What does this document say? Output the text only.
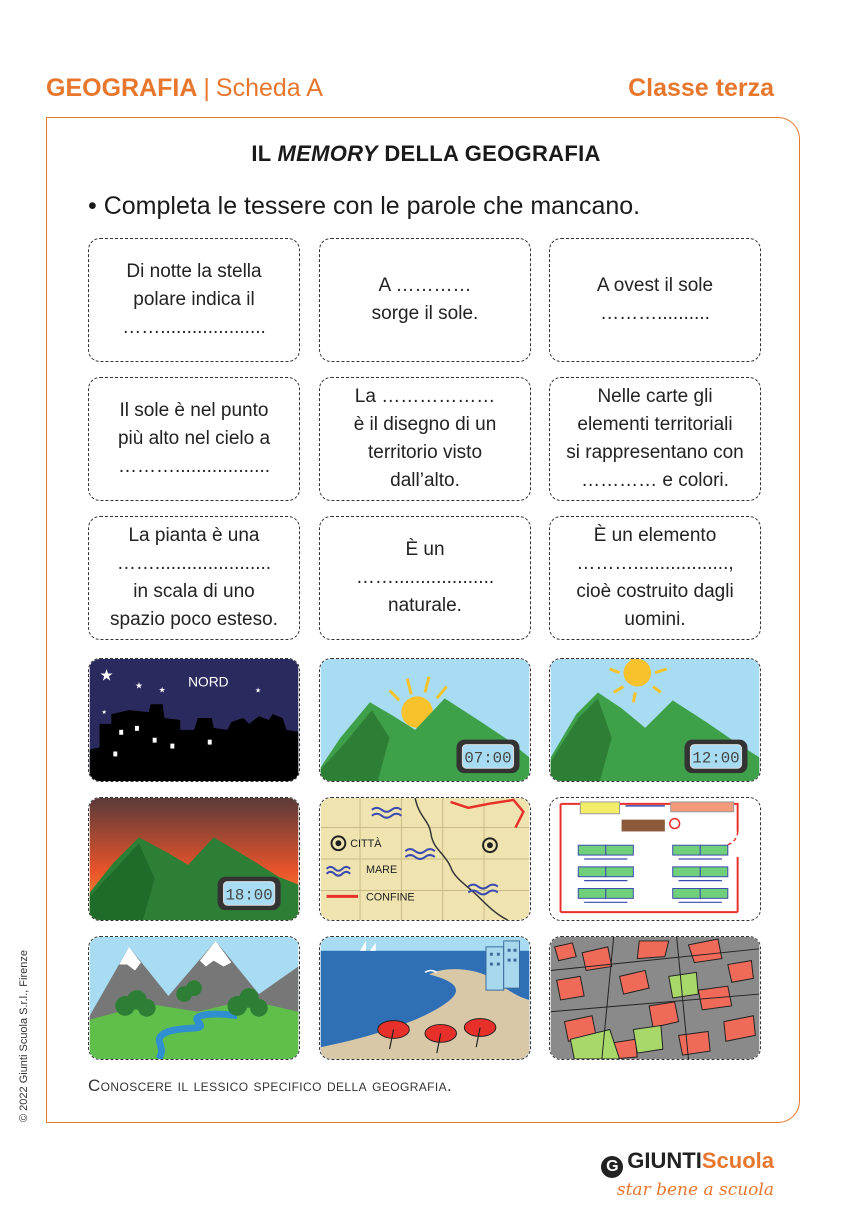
GEOGRAFIA | Scheda A	Classe terza
IL MEMORY DELLA GEOGRAFIA
• Completa le tessere con le parole che mancano.
Di notte la stella
polare indica il
……....................
A …………
sorge il sole.
A ovest il sole
………..........
Il sole è nel punto
più alto nel cielo a
………..................
La ………………
è il disegno di un
territorio visto
dall’alto.
Nelle carte gli
elementi territoriali
si rappresentano con
………… e colori.
La pianta è una
……......................
in scala di uno
spazio poco esteso.
È un
……...................
naturale.
È un elemento
………..................,
cioè costruito dagli
uomini.
★
★ ★	★
★
NORD
07:00	12:00
18:00
CITTÀ
MARE
CONFINE
Conoscere il lessico specifico della geografia.
© 2022 Giunti Scuola S.r.l., Firenze
G GIUNTIScuola
star bene a scuola
